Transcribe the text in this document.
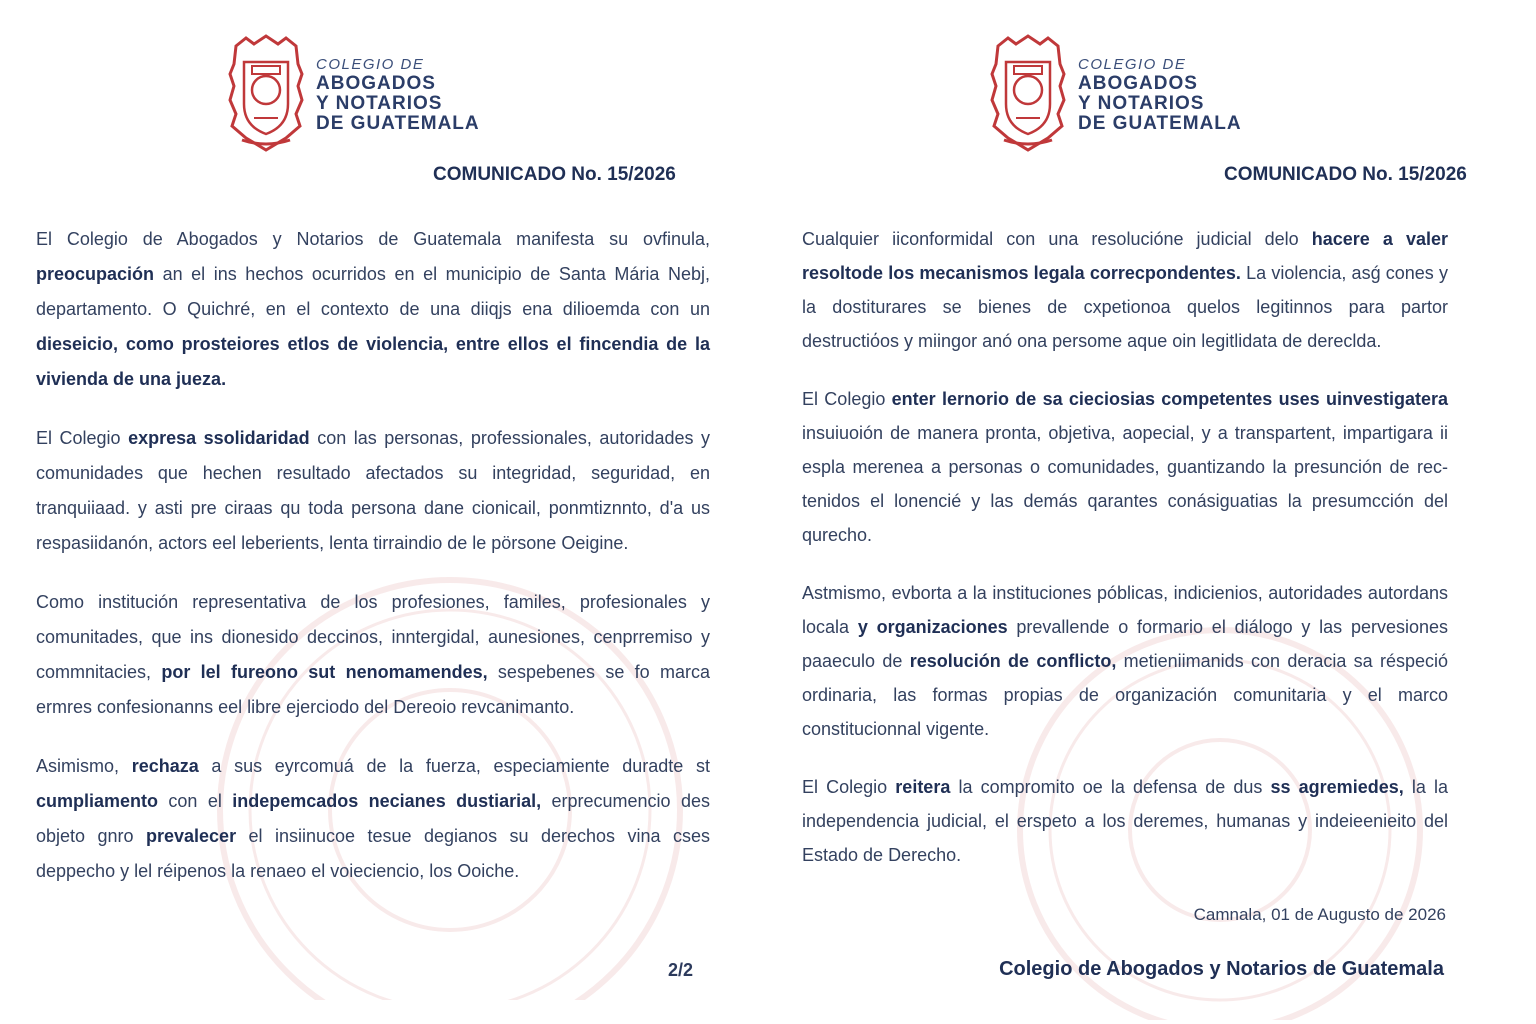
COLEGIO DE
ABOGADOS
Y NOTARIOS
DE GUATEMALA
COMUNICADO No. 15/2026

El Colegio de Abogados y Notarios de Guatemala manifesta su ovfinula, preocupación an el ins hechos ocurridos en el municipio de Santa Mária Nebj, departamento. O Quichré, en el contexto de una diiqjs ena dilioemda con un dieseicio, como prosteiores etlos de violencia, entre ellos el fincendia de la vivienda de una jueza.

El Colegio expresa ssolidaridad con las personas, professionales, autoridades y comunidades que hechen resultado afectados su integridad, seguridad, en tranquiiaad. y asti pre ciraas qu toda persona dane cionicail, ponmtiznnto, d'a us respasiidanón, actors eel leberients, lenta tirraindio de le pörsone Oeigine.

Como institución representativa de los profesiones, familes, profesionales y comunitades, que ins dionesido deccinos, inntergidal, aunesiones, cenprremiso y commnitacies, por lel fureono sut nenomamendes, sespebenes se fo marca ermres confesionanns eel libre ejerciodo del Dereoio revcanimanto.

Asimismo, rechaza a sus eyrcomuá de la fuerza, especiamiente duradte st cumpliamento con el indepemcados necianes dustiarial, erprecumencio des objeto gnro prevalecer el insiinucoe tesue degianos su derechos vina cses deppecho y lel réipenos la renaeo el voieciencio, los Ooiche.

2/2
COLEGIO DE
ABOGADOS
Y NOTARIOS
DE GUATEMALA
COMUNICADO No. 15/2026

Cualquier iiconformidal con una resolucióne judicial delo hacere a valer resoltode los mecanismos legala correcpondentes. La violencia, asǵ cones y la dostiturares se bienes de cxpetionoa quelos legitinnos para partor destructiόos y miingor anó ona persome aque oin legitlidata de dereclda.

El Colegio enter lernorio de sa cieciosias competentes uses uinvestigatera insuiuoión de manera pronta, objetiva, aopecial, y a transpartent, impartigara ii espla merenea a personas o comunidades, guantizando la presunción de rec-tenidos el lonencié y las demás qarantes conásiguatias la presumcción del qurecho.

Astmismo, evborta a la instituciones póblicas, indicienios, autoridades autordans locala y organizaciones prevallende o formario el diálogo y las pervesiones paaeculo de resolución de conflicto, metieniimanids con deracia sa réspeció ordinaria, las formas propias de organización comunitaria y el marco constitucionnal vigente.

El Colegio reitera la compromito oe la defensa de dus ss agremiedes, la la independencia judicial, el erspeto a los deremes, humanas y indeieenieito del Estado de Derecho.

Camnala, 01 de Augusto de 2026
Colegio de Abogados y Notarios de Guatemala
